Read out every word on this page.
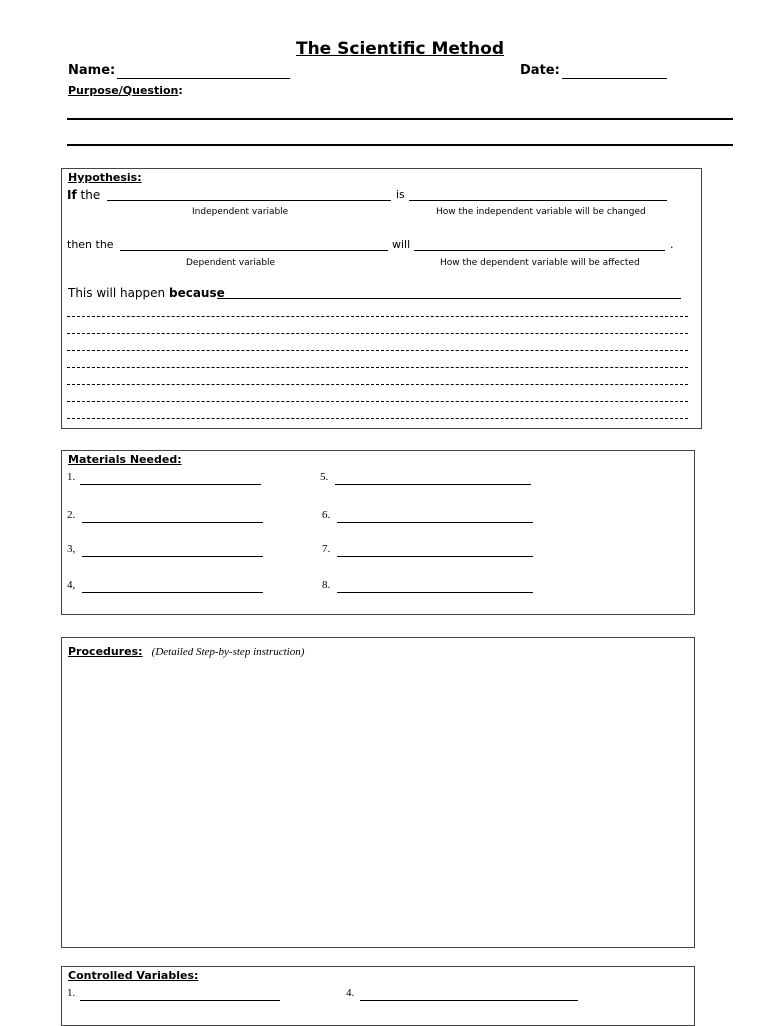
The Scientific Method
Name:	Date:
Purpose/Question:
Hypothesis:
If the	is
Independent variable	How the independent variable will be changed
then the	will	.
Dependent variable	How the dependent variable will be affected
This will happen because
Materials Needed:
1.
2.
3,
4,
5.
6.
7.
8.
Procedures: (Detailed Step-by-step instruction)
Controlled Variables:
1.	4.
